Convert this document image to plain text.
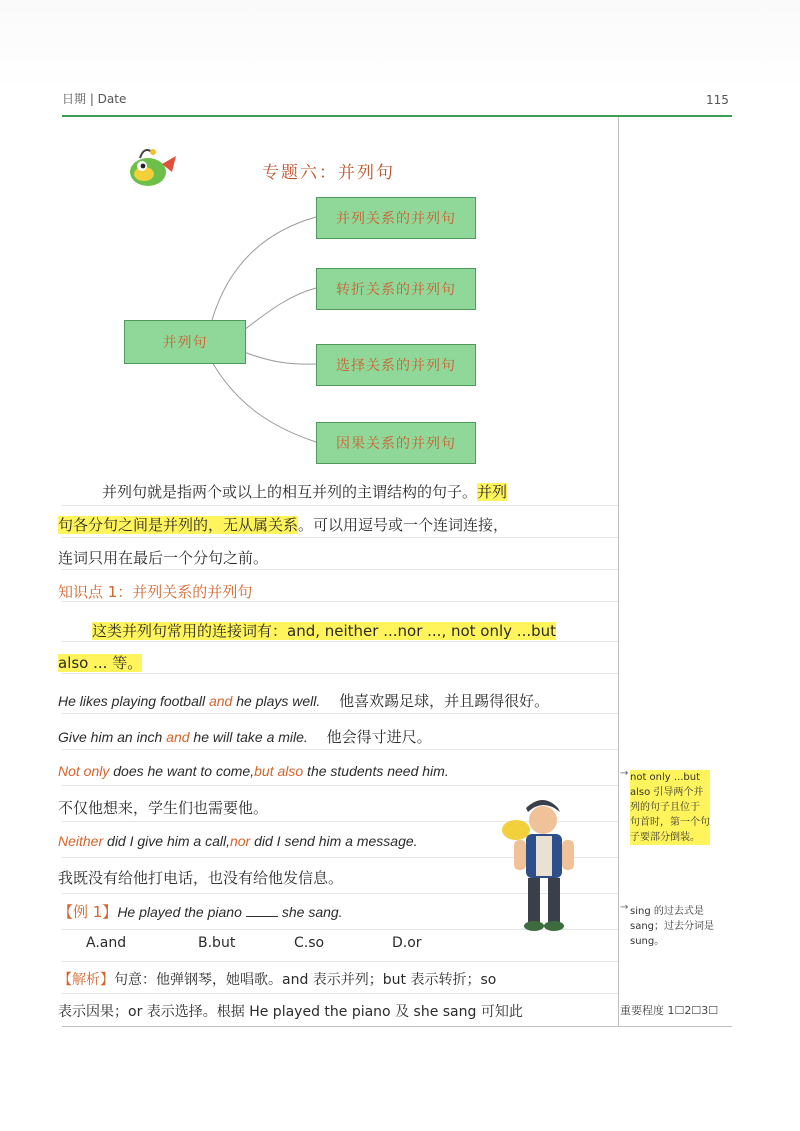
日期 | Date	115
专题六：并列句
并列句
并列关系的并列句
转折关系的并列句
选择关系的并列句
因果关系的并列句
并列句就是指两个或以上的相互并列的主谓结构的句子。并列
句各分句之间是并列的，无从属关系。可以用逗号或一个连词连接，
连词只用在最后一个分句之前。
知识点 1：并列关系的并列句
这类并列句常用的连接词有：and, neither ...nor ..., not only ...but
also ... 等。
He likes playing football and he plays well. 他喜欢踢足球，并且踢得很好。
Give him an inch and he will take a mile. 他会得寸进尺。
Not only does he want to come,but also the students need him.
不仅他想来，学生们也需要他。
Neither did I give him a call,nor did I send him a message.
我既没有给他打电话，也没有给他发信息。
【例 1】He played the piano	she sang.
A.and	B.but	C.so	D.or
【解析】句意：他弹钢琴，她唱歌。and 表示并列；but 表示转折；so
表示因果；or 表示选择。根据 He played the piano 及 she sang 可知此
→ not only ...but
also 引导两个并
列的句子且位于
句首时，第一个句
子要部分倒装。
→ sing 的过去式是
sang；过去分词是
sung。
重要程度 1☐2☐3☐
